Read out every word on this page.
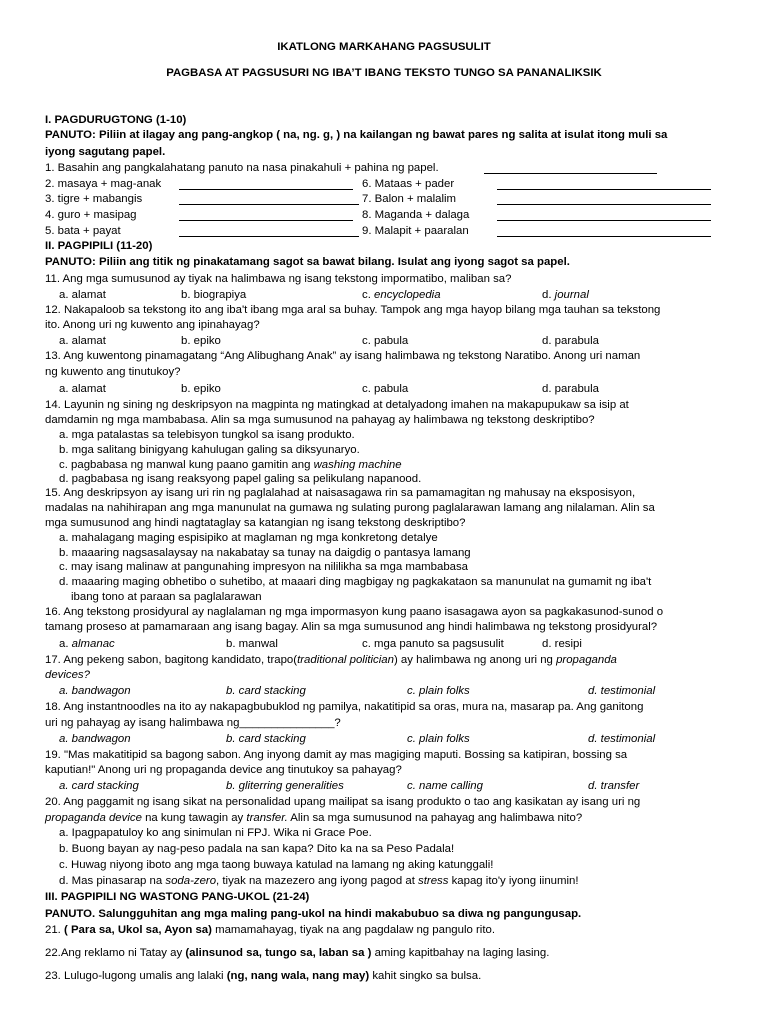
IKATLONG MARKAHANG PAGSUSULIT
PAGBASA AT PAGSUSURI NG IBA’T IBANG TEKSTO TUNGO SA PANANALIKSIK
I. PAGDURUGTONG (1-10)
PANUTO: Piliin at ilagay ang pang-angkop ( na, ng. g, ) na kailangan ng bawat pares ng salita at isulat itong muli sa
iyong sagutang papel.
1. Basahin ang pangkalahatang panuto na nasa pinakahuli + pahina ng papel.
2. masaya + mag-anak	6. Mataas + pader
3. tigre + mabangis	7. Balon + malalim
4. guro + masipag	8. Maganda + dalaga
5. bata + payat	9. Malapit + paaralan
II. PAGPIPILI (11-20)
PANUTO: Piliin ang titik ng pinakatamang sagot sa bawat bilang. Isulat ang iyong sagot sa papel.
11. Ang mga sumusunod ay tiyak na halimbawa ng isang tekstong impormatibo, maliban sa?
a. alamat	b. biograpiya	c. encyclopedia	d. journal
12. Nakapaloob sa tekstong ito ang iba't ibang mga aral sa buhay. Tampok ang mga hayop bilang mga tauhan sa tekstong
ito. Anong uri ng kuwento ang ipinahayag?
a. alamat	b. epiko	c. pabula	d. parabula
13. Ang kuwentong pinamagatang “Ang Alibughang Anak” ay isang halimbawa ng tekstong Naratibo. Anong uri naman
ng kuwento ang tinutukoy?
a. alamat	b. epiko	c. pabula	d. parabula
14. Layunin ng sining ng deskripsyon na magpinta ng matingkad at detalyadong imahen na makapupukaw sa isip at
damdamin ng mga mambabasa. Alin sa mga sumusunod na pahayag ay halimbawa ng tekstong deskriptibo?
a. mga patalastas sa telebisyon tungkol sa isang produkto.
b. mga salitang binigyang kahulugan galing sa diksyunaryo.
c. pagbabasa ng manwal kung paano gamitin ang washing machine
d. pagbabasa ng isang reaksyong papel galing sa pelikulang napanood.
15. Ang deskripsyon ay isang uri rin ng paglalahad at naisasagawa rin sa pamamagitan ng mahusay na eksposisyon,
madalas na nahihirapan ang mga manunulat na gumawa ng sulating purong paglalarawan lamang ang nilalaman. Alin sa
mga sumusunod ang hindi nagtataglay sa katangian ng isang tekstong deskriptibo?
a. mahalagang maging espisipiko at maglaman ng mga konkretong detalye
b. maaaring nagsasalaysay na nakabatay sa tunay na daigdig o pantasya lamang
c. may isang malinaw at pangunahing impresyon na nililikha sa mga mambabasa
d. maaaring maging obhetibo o suhetibo, at maaari ding magbigay ng pagkakataon sa manunulat na gumamit ng iba't
ibang tono at paraan sa paglalarawan
16. Ang tekstong prosidyural ay naglalaman ng mga impormasyon kung paano isasagawa ayon sa pagkakasunod-sunod o
tamang proseso at pamamaraan ang isang bagay. Alin sa mga sumusunod ang hindi halimbawa ng tekstong prosidyural?
a. almanac	b. manwal	c. mga panuto sa pagsusulit	d. resipi
17. Ang pekeng sabon, bagitong kandidato, trapo(traditional politician) ay halimbawa ng anong uri ng propaganda
devices?
a. bandwagon	b. card stacking	c. plain folks	d. testimonial
18. Ang instantnoodles na ito ay nakapagbubuklod ng pamilya, nakatitipid sa oras, mura na, masarap pa. Ang ganitong
uri ng pahayag ay isang halimbawa ng_______________?
a. bandwagon	b. card stacking	c. plain folks	d. testimonial
19. "Mas makatitipid sa bagong sabon. Ang inyong damit ay mas magiging maputi. Bossing sa katipiran, bossing sa
kaputian!" Anong uri ng propaganda device ang tinutukoy sa pahayag?
a. card stacking	b. gliterring generalities	c. name calling	d. transfer
20. Ang paggamit ng isang sikat na personalidad upang mailipat sa isang produkto o tao ang kasikatan ay isang uri ng
propaganda device na kung tawagin ay transfer. Alin sa mga sumusunod na pahayag ang halimbawa nito?
a. Ipagpapatuloy ko ang sinimulan ni FPJ. Wika ni Grace Poe.
b. Buong bayan ay nag-peso padala na san kapa? Dito ka na sa Peso Padala!
c. Huwag niyong iboto ang mga taong buwaya katulad na lamang ng aking katunggali!
d. Mas pinasarap na soda-zero, tiyak na mazezero ang iyong pagod at stress kapag ito'y iyong iinumin!
III. PAGPIPILI NG WASTONG PANG-UKOL (21-24)
PANUTO. Salungguhitan ang mga maling pang-ukol na hindi makabubuo sa diwa ng pangungusap.
21. ( Para sa, Ukol sa, Ayon sa) mamamahayag, tiyak na ang pagdalaw ng pangulo rito.
22.Ang reklamo ni Tatay ay (alinsunod sa, tungo sa, laban sa ) aming kapitbahay na laging lasing.
23. Lulugo-lugong umalis ang lalaki (ng, nang wala, nang may) kahit singko sa bulsa.
